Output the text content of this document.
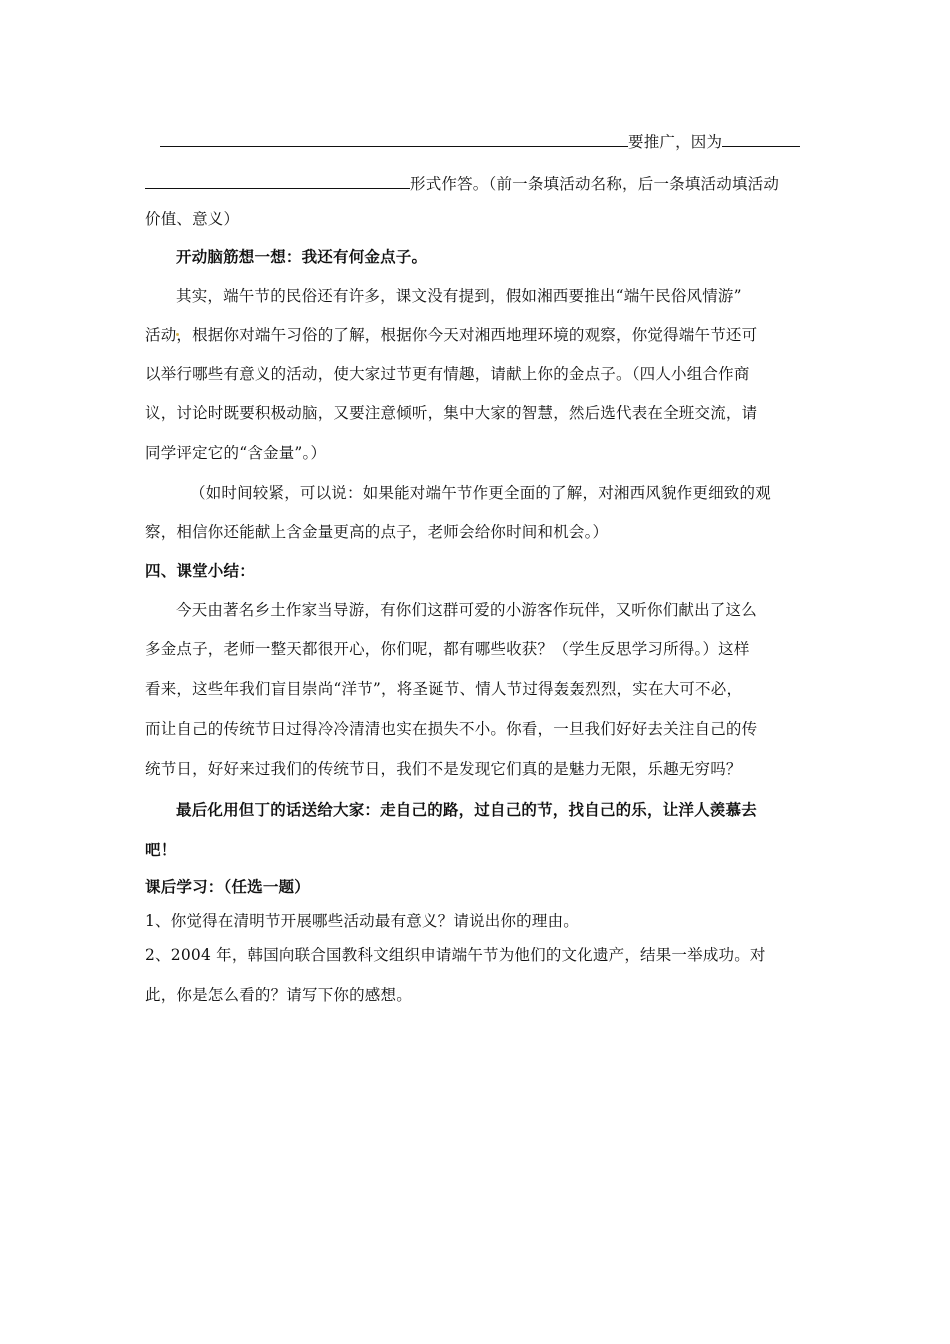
要推广，因为
形式作答。（前一条填活动名称，后一条填活动填活动
价值、意义）
开动脑筋想一想：我还有何金点子。
其实，端午节的民俗还有许多，课文没有提到，假如湘西要推出“端午民俗风情游”
活动，根据你对端午习俗的了解，根据你今天对湘西地理环境的观察，你觉得端午节还可
以举行哪些有意义的活动，使大家过节更有情趣，请献上你的金点子。（四人小组合作商
议，讨论时既要积极动脑，又要注意倾听，集中大家的智慧，然后选代表在全班交流，请
同学评定它的“含金量”。）
（如时间较紧，可以说：如果能对端午节作更全面的了解，对湘西风貌作更细致的观
察，相信你还能献上含金量更高的点子，老师会给你时间和机会。）
四、课堂小结：
今天由著名乡土作家当导游，有你们这群可爱的小游客作玩伴，又听你们献出了这么
多金点子，老师一整天都很开心，你们呢，都有哪些收获？（学生反思学习所得。）这样
看来，这些年我们盲目崇尚“洋节”，将圣诞节、情人节过得轰轰烈烈，实在大可不必，
而让自己的传统节日过得冷冷清清也实在损失不小。你看，一旦我们好好去关注自己的传
统节日，好好来过我们的传统节日，我们不是发现它们真的是魅力无限，乐趣无穷吗？
最后化用但丁的话送给大家：走自己的路，过自己的节，找自己的乐，让洋人羡慕去
吧！
课后学习：（任选一题）
1、你觉得在清明节开展哪些活动最有意义？请说出你的理由。
2、2004 年，韩国向联合国教科文组织申请端午节为他们的文化遗产，结果一举成功。对
此，你是怎么看的？请写下你的感想。
